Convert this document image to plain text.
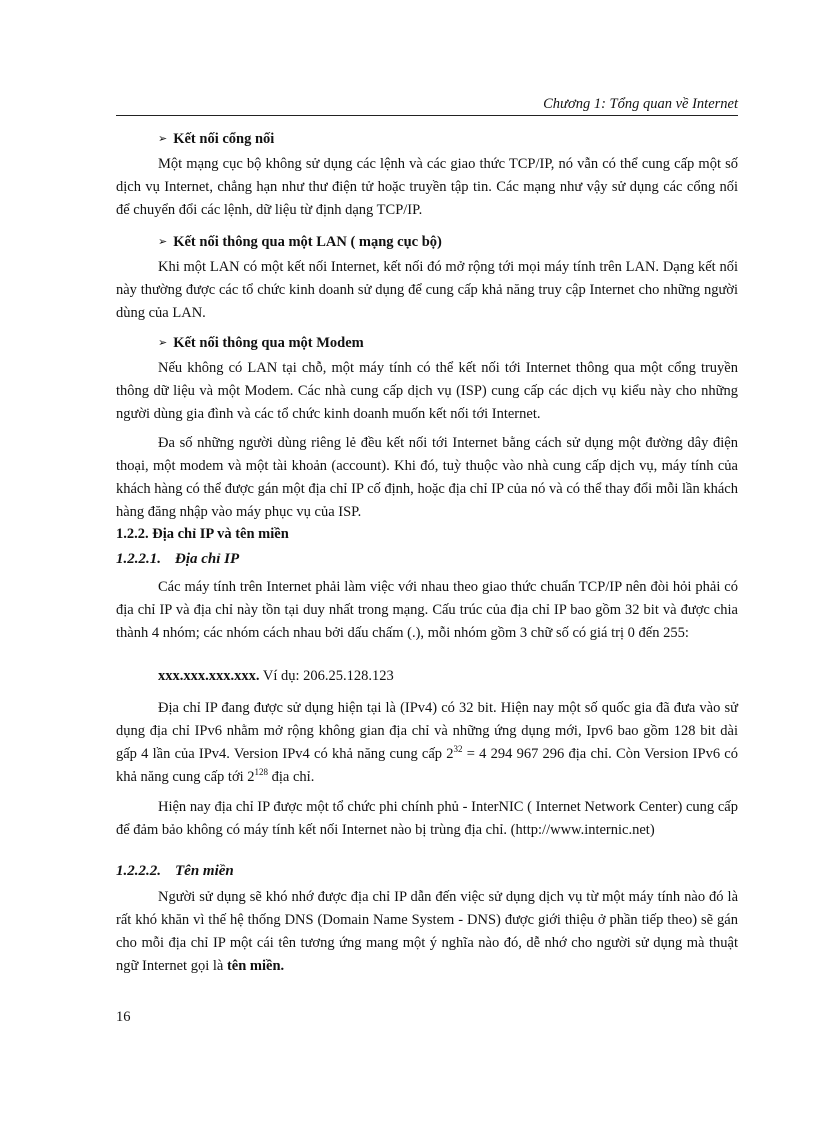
Chương 1: Tổng quan về Internet
➢ Kết nối cổng nối
Một mạng cục bộ không sử dụng các lệnh và các giao thức TCP/IP, nó vẫn có thể cung cấp một số dịch vụ Internet, chẳng hạn như thư điện tử hoặc truyền tập tin. Các mạng như vậy sử dụng các cổng nối để chuyển đổi các lệnh, dữ liệu từ định dạng TCP/IP.
➢ Kết nối thông qua một LAN ( mạng cục bộ)
Khi một LAN có một kết nối Internet, kết nối đó mở rộng tới mọi máy tính trên LAN. Dạng kết nối này thường được các tổ chức kinh doanh sử dụng để cung cấp khả năng truy cập Internet cho những người dùng của LAN.
➢ Kết nối thông qua một Modem
Nếu không có LAN tại chỗ, một máy tính có thể kết nối tới Internet thông qua một cổng truyền thông dữ liệu và một Modem. Các nhà cung cấp dịch vụ (ISP) cung cấp các dịch vụ kiểu này cho những người dùng gia đình và các tổ chức kinh doanh muốn kết nối tới Internet.
Đa số những người dùng riêng lẻ đều kết nối tới Internet bằng cách sử dụng một đường dây điện thoại, một modem và một tài khoản (account). Khi đó, tuỳ thuộc vào nhà cung cấp dịch vụ, máy tính của khách hàng có thể được gán một địa chỉ IP cố định, hoặc địa chỉ IP của nó và có thể thay đổi mỗi lần khách hàng đăng nhập vào máy phục vụ của ISP.
1.2.2. Địa chỉ IP và tên miền
1.2.2.1. Địa chỉ IP
Các máy tính trên Internet phải làm việc với nhau theo giao thức chuẩn TCP/IP nên đòi hỏi phải có địa chỉ IP và địa chỉ này tồn tại duy nhất trong mạng. Cấu trúc của địa chỉ IP bao gồm 32 bit và được chia thành 4 nhóm; các nhóm cách nhau bởi dấu chấm (.), mỗi nhóm gồm 3 chữ số có giá trị 0 đến 255:
xxx.xxx.xxx.xxx. Ví dụ: 206.25.128.123
Địa chỉ IP đang được sử dụng hiện tại là (IPv4) có 32 bit. Hiện nay một số quốc gia đã đưa vào sử dụng địa chỉ IPv6 nhằm mở rộng không gian địa chỉ và những ứng dụng mới, Ipv6 bao gồm 128 bit dài gấp 4 lần của IPv4. Version IPv4 có khả năng cung cấp $2^{32} = 4$ 294 967 296 địa chỉ. Còn Version IPv6 có khả năng cung cấp tới $2^{128}$ địa chỉ.
Hiện nay địa chỉ IP được một tổ chức phi chính phủ - InterNIC ( Internet Network Center) cung cấp để đảm bảo không có máy tính kết nối Internet nào bị trùng địa chỉ. (http://www.internic.net)
1.2.2.2. Tên miền
Người sử dụng sẽ khó nhớ được địa chỉ IP dẫn đến việc sử dụng dịch vụ từ một máy tính nào đó là rất khó khăn vì thế hệ thống DNS (Domain Name System - DNS) được giới thiệu ở phần tiếp theo) sẽ gán cho mỗi địa chỉ IP một cái tên tương ứng mang một ý nghĩa nào đó, dễ nhớ cho người sử dụng mà thuật ngữ Internet gọi là tên miền.
16
